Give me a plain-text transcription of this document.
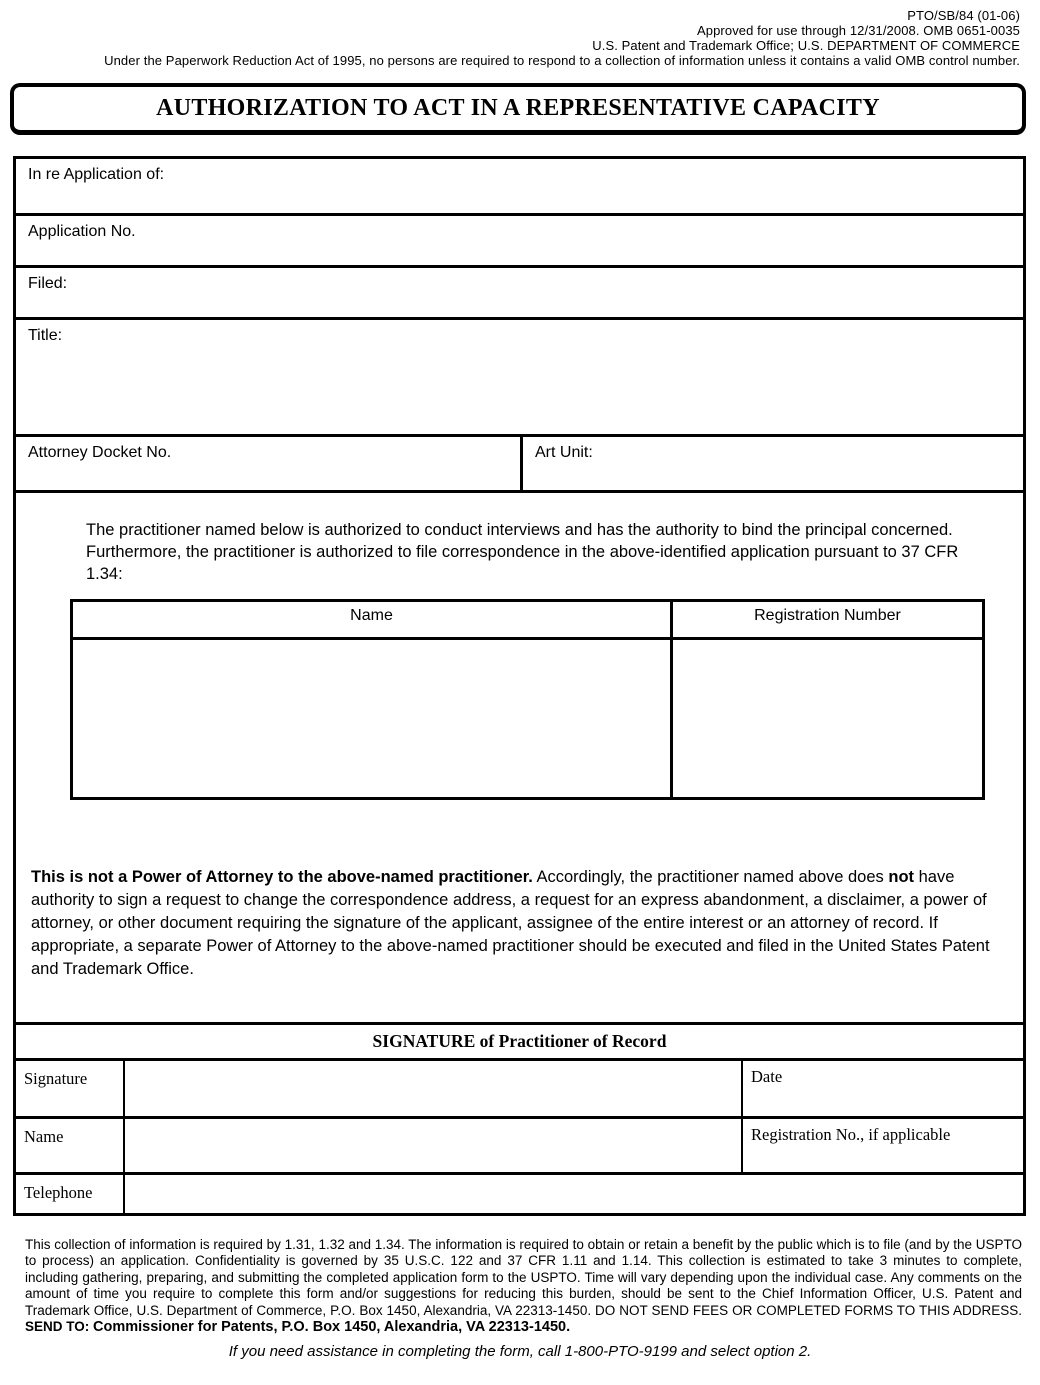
PTO/SB/84 (01-06)
Approved for use through 12/31/2008. OMB 0651-0035
U.S. Patent and Trademark Office; U.S. DEPARTMENT OF COMMERCE
Under the Paperwork Reduction Act of 1995, no persons are required to respond to a collection of information unless it contains a valid OMB control number.
AUTHORIZATION TO ACT IN A REPRESENTATIVE CAPACITY
In re Application of:
Application No.
Filed:
Title:
Attorney Docket No.	Art Unit:

The practitioner named below is authorized to conduct interviews and has the authority to bind the principal concerned. Furthermore, the practitioner is authorized to file correspondence in the above-identified application pursuant to 37 CFR 1.34:

Name	Registration Number

This is not a Power of Attorney to the above-named practitioner. Accordingly, the practitioner named above does not have authority to sign a request to change the correspondence address, a request for an express abandonment, a disclaimer, a power of attorney, or other document requiring the signature of the applicant, assignee of the entire interest or an attorney of record. If appropriate, a separate Power of Attorney to the above-named practitioner should be executed and filed in the United States Patent and Trademark Office.

SIGNATURE of Practitioner of Record
Signature	Date
Name	Registration No., if applicable
Telephone

This collection of information is required by 1.31, 1.32 and 1.34. The information is required to obtain or retain a benefit by the public which is to file (and by the USPTO to process) an application. Confidentiality is governed by 35 U.S.C. 122 and 37 CFR 1.11 and 1.14. This collection is estimated to take 3 minutes to complete, including gathering, preparing, and submitting the completed application form to the USPTO. Time will vary depending upon the individual case. Any comments on the amount of time you require to complete this form and/or suggestions for reducing this burden, should be sent to the Chief Information Officer, U.S. Patent and Trademark Office, U.S. Department of Commerce, P.O. Box 1450, Alexandria, VA 22313-1450. DO NOT SEND FEES OR COMPLETED FORMS TO THIS ADDRESS. SEND TO: Commissioner for Patents, P.O. Box 1450, Alexandria, VA 22313-1450.

If you need assistance in completing the form, call 1-800-PTO-9199 and select option 2.
